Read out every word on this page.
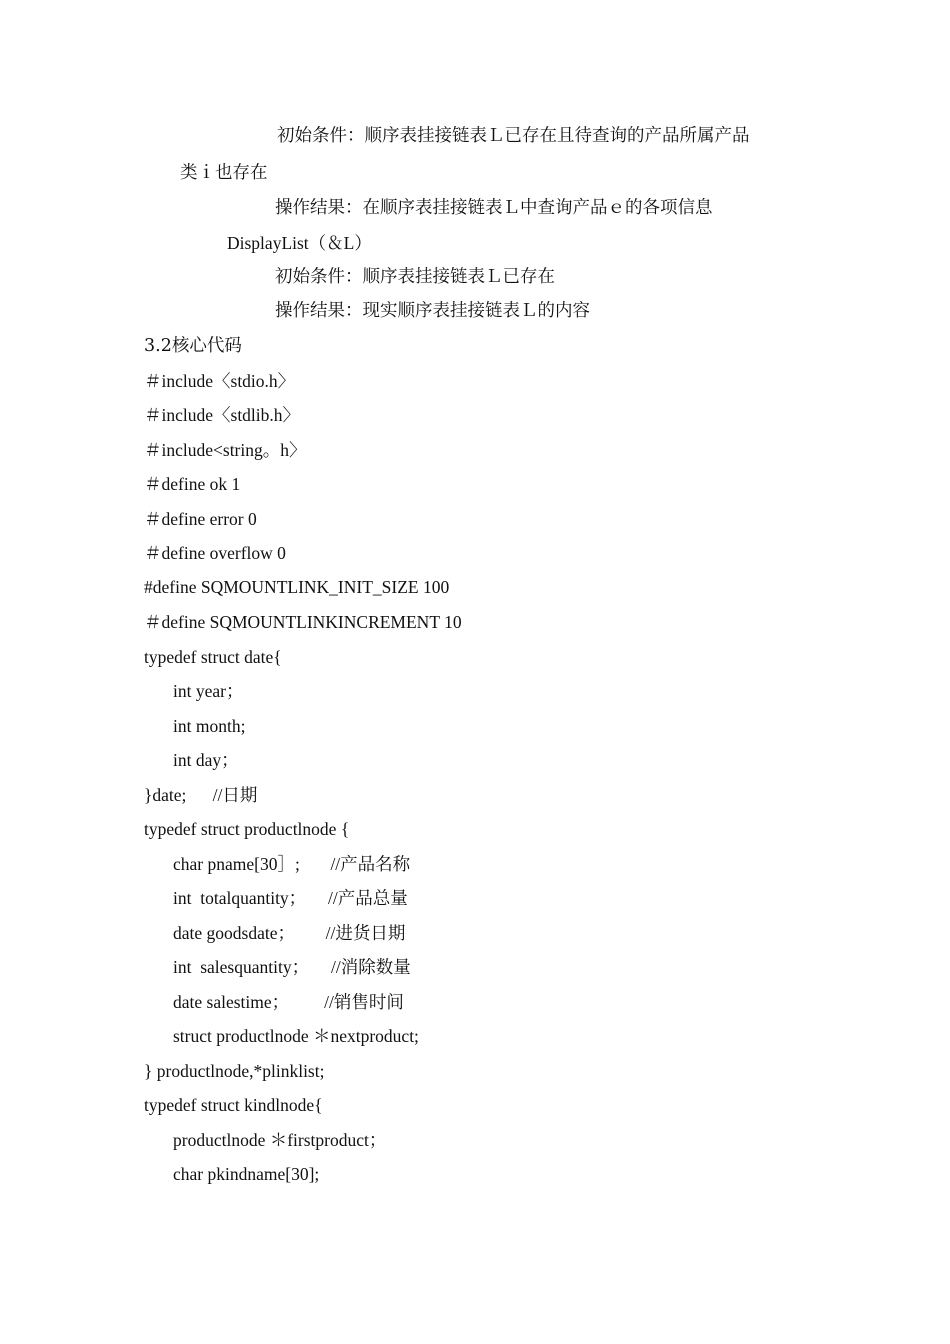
初始条件：顺序表挂接链表Ｌ已存在且待查询的产品所属产品
类ｉ也存在
操作结果：在顺序表挂接链表Ｌ中查询产品ｅ的各项信息
DisplayList（＆L）
初始条件：顺序表挂接链表Ｌ已存在
操作结果：现实顺序表挂接链表Ｌ的内容
3.2核心代码
＃include〈stdio.h〉
＃include〈stdlib.h〉
＃include<string。h〉
＃define ok 1
＃define error 0
＃define overflow 0
#define SQMOUNTLINK_INIT_SIZE 100
＃define SQMOUNTLINKINCREMENT 10
typedef struct date{
int year；
int month;
int day；
}date;      //日期
typedef struct productlnode {
char pname[30］;       //产品名称
int  totalquantity；     //产品总量
date goodsdate；       //进货日期
int  salesquantity；     //消除数量
date salestime；        //销售时间
struct productlnode ＊nextproduct;
} productlnode,*plinklist;
typedef struct kindlnode{
productlnode ＊firstproduct；
char pkindname[30];
